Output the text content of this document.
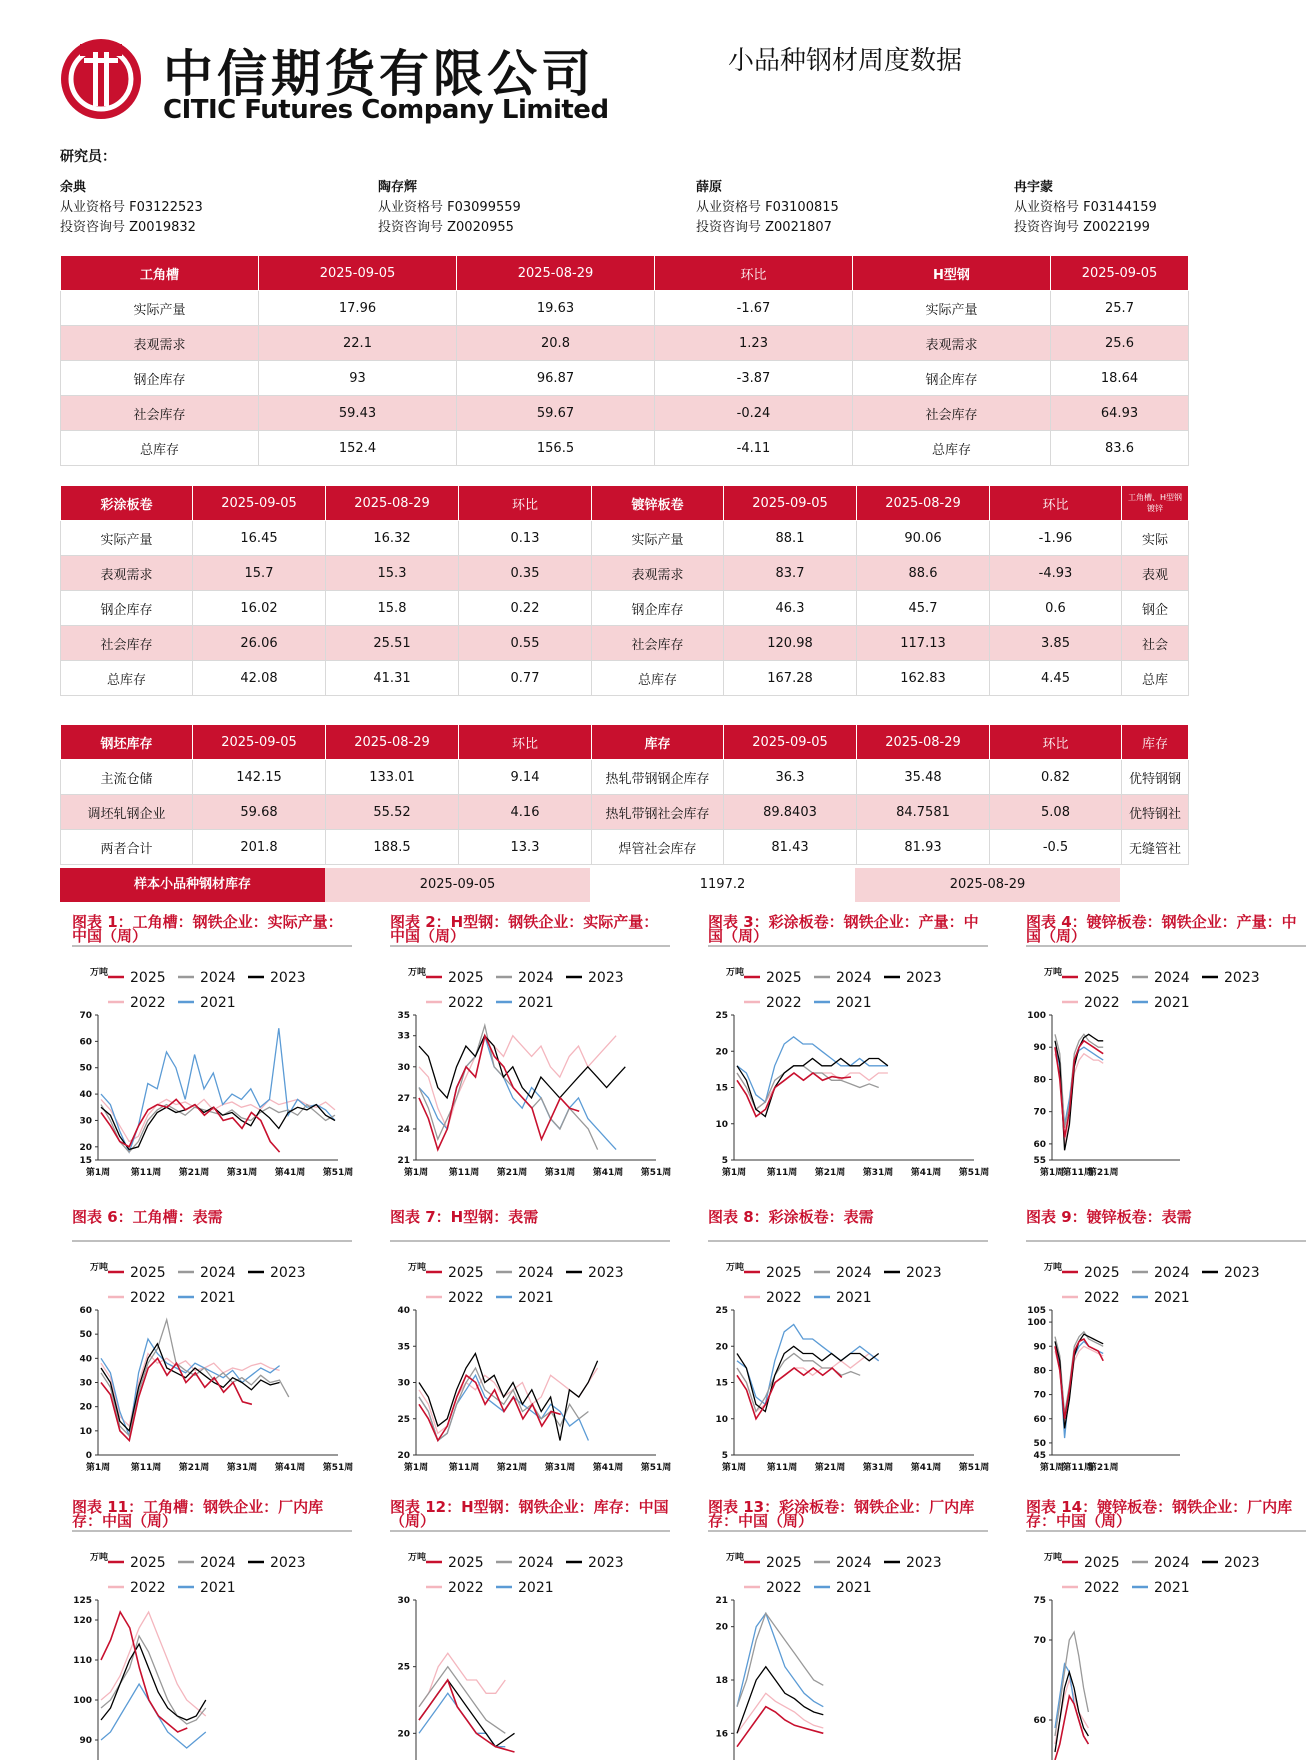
中信期货有限公司
CITIC Futures Company Limited
小品种钢材周度数据
研究员：
余典
从业资格号 F03122523
投资咨询号 Z0019832
陶存辉
从业资格号 F03099559
投资咨询号 Z0020955
薛原
从业资格号 F03100815
投资咨询号 Z0021807
冉宇蒙
从业资格号 F03144159
投资咨询号 Z0022199
工角槽	2025-09-05	2025-08-29	环比	H型钢	2025-09-05
实际产量	17.96	19.63	-1.67	实际产量	25.7
表观需求	22.1	20.8	1.23	表观需求	25.6
钢企库存	93	96.87	-3.87	钢企库存	18.64
社会库存	59.43	59.67	-0.24	社会库存	64.93
总库存	152.4	156.5	-4.11	总库存	83.6
彩涂板卷	2025-09-05	2025-08-29	环比	镀锌板卷	2025-09-05	2025-08-29	环比	工角槽、H型钢
镀锌
实际产量	16.45	16.32	0.13	实际产量	88.1	90.06	-1.96	实际
表观需求	15.7	15.3	0.35	表观需求	83.7	88.6	-4.93	表观
钢企库存	16.02	15.8	0.22	钢企库存	46.3	45.7	0.6	钢企
社会库存	26.06	25.51	0.55	社会库存	120.98	117.13	3.85	社会
总库存	42.08	41.31	0.77	总库存	167.28	162.83	4.45	总库
钢坯库存	2025-09-05	2025-08-29	环比	库存	2025-09-05	2025-08-29	环比	库存
主流仓储	142.15	133.01	9.14	热轧带钢钢企库存	36.3	35.48	0.82	优特钢钢
调坯轧钢企业	59.68	55.52	4.16	热轧带钢社会库存	89.8403	84.7581	5.08	优特钢社
两者合计	201.8	188.5	13.3	焊管社会库存	81.43	81.93	-0.5	无缝管社
样本小品种钢材库存	2025-09-05	1197.2	2025-08-29
图表 1：工角槽：钢铁企业：实际产量：中国（周）
万吨 2025 2024 2023
2022 2021
15
20
30
40
50
60
70
第1周 第11周 第21周 第31周 第41周 第51周
图表 2：H型钢：钢铁企业：实际产量：中国（周）
万吨 2025 2024 2023
2022 2021
21
24
27
30
33
35
第1周 第11周 第21周 第31周 第41周 第51周
图表 3：彩涂板卷：钢铁企业：产量：中国（周）
万吨 2025 2024 2023
2022 2021
5
10
15
20
25
第1周 第11周 第21周 第31周 第41周 第51周
图表 4：镀锌板卷：钢铁企业：产量：中国（周）
万吨 2025 2024 2023
2022 2021
55
60
70
80
90
100
第1周
第11周
第21周
图表 6：工角槽：表需
万吨 2025 2024 2023
2022 2021
0
10
20
30
40
50
60
第1周 第11周 第21周 第31周 第41周 第51周
图表 7：H型钢：表需
万吨 2025 2024 2023
2022 2021
20
25
30
35
40
第1周 第11周 第21周 第31周 第41周 第51周
图表 8：彩涂板卷：表需
万吨 2025 2024 2023
2022 2021
5
10
15
20
25
第1周 第11周 第21周 第31周 第41周 第51周
图表 9：镀锌板卷：表需
万吨 2025 2024 2023
2022 2021
45
50
60
70
80
90
100
105
第1周
第11周
第21周
图表 11：工角槽：钢铁企业：厂内库存：中国（周）
万吨 2025 2024 2023
2022 2021
90
100
110
120
125
图表 12：H型钢：钢铁企业：库存：中国（周）
万吨 2025 2024 2023
2022 2021
20
25
30
图表 13：彩涂板卷：钢铁企业：厂内库存：中国（周）
万吨 2025 2024 2023
2022 2021
16
18
20
21
图表 14：镀锌板卷：钢铁企业：厂内库存：中国（周）
万吨 2025 2024 2023
2022 2021
60
70
75
